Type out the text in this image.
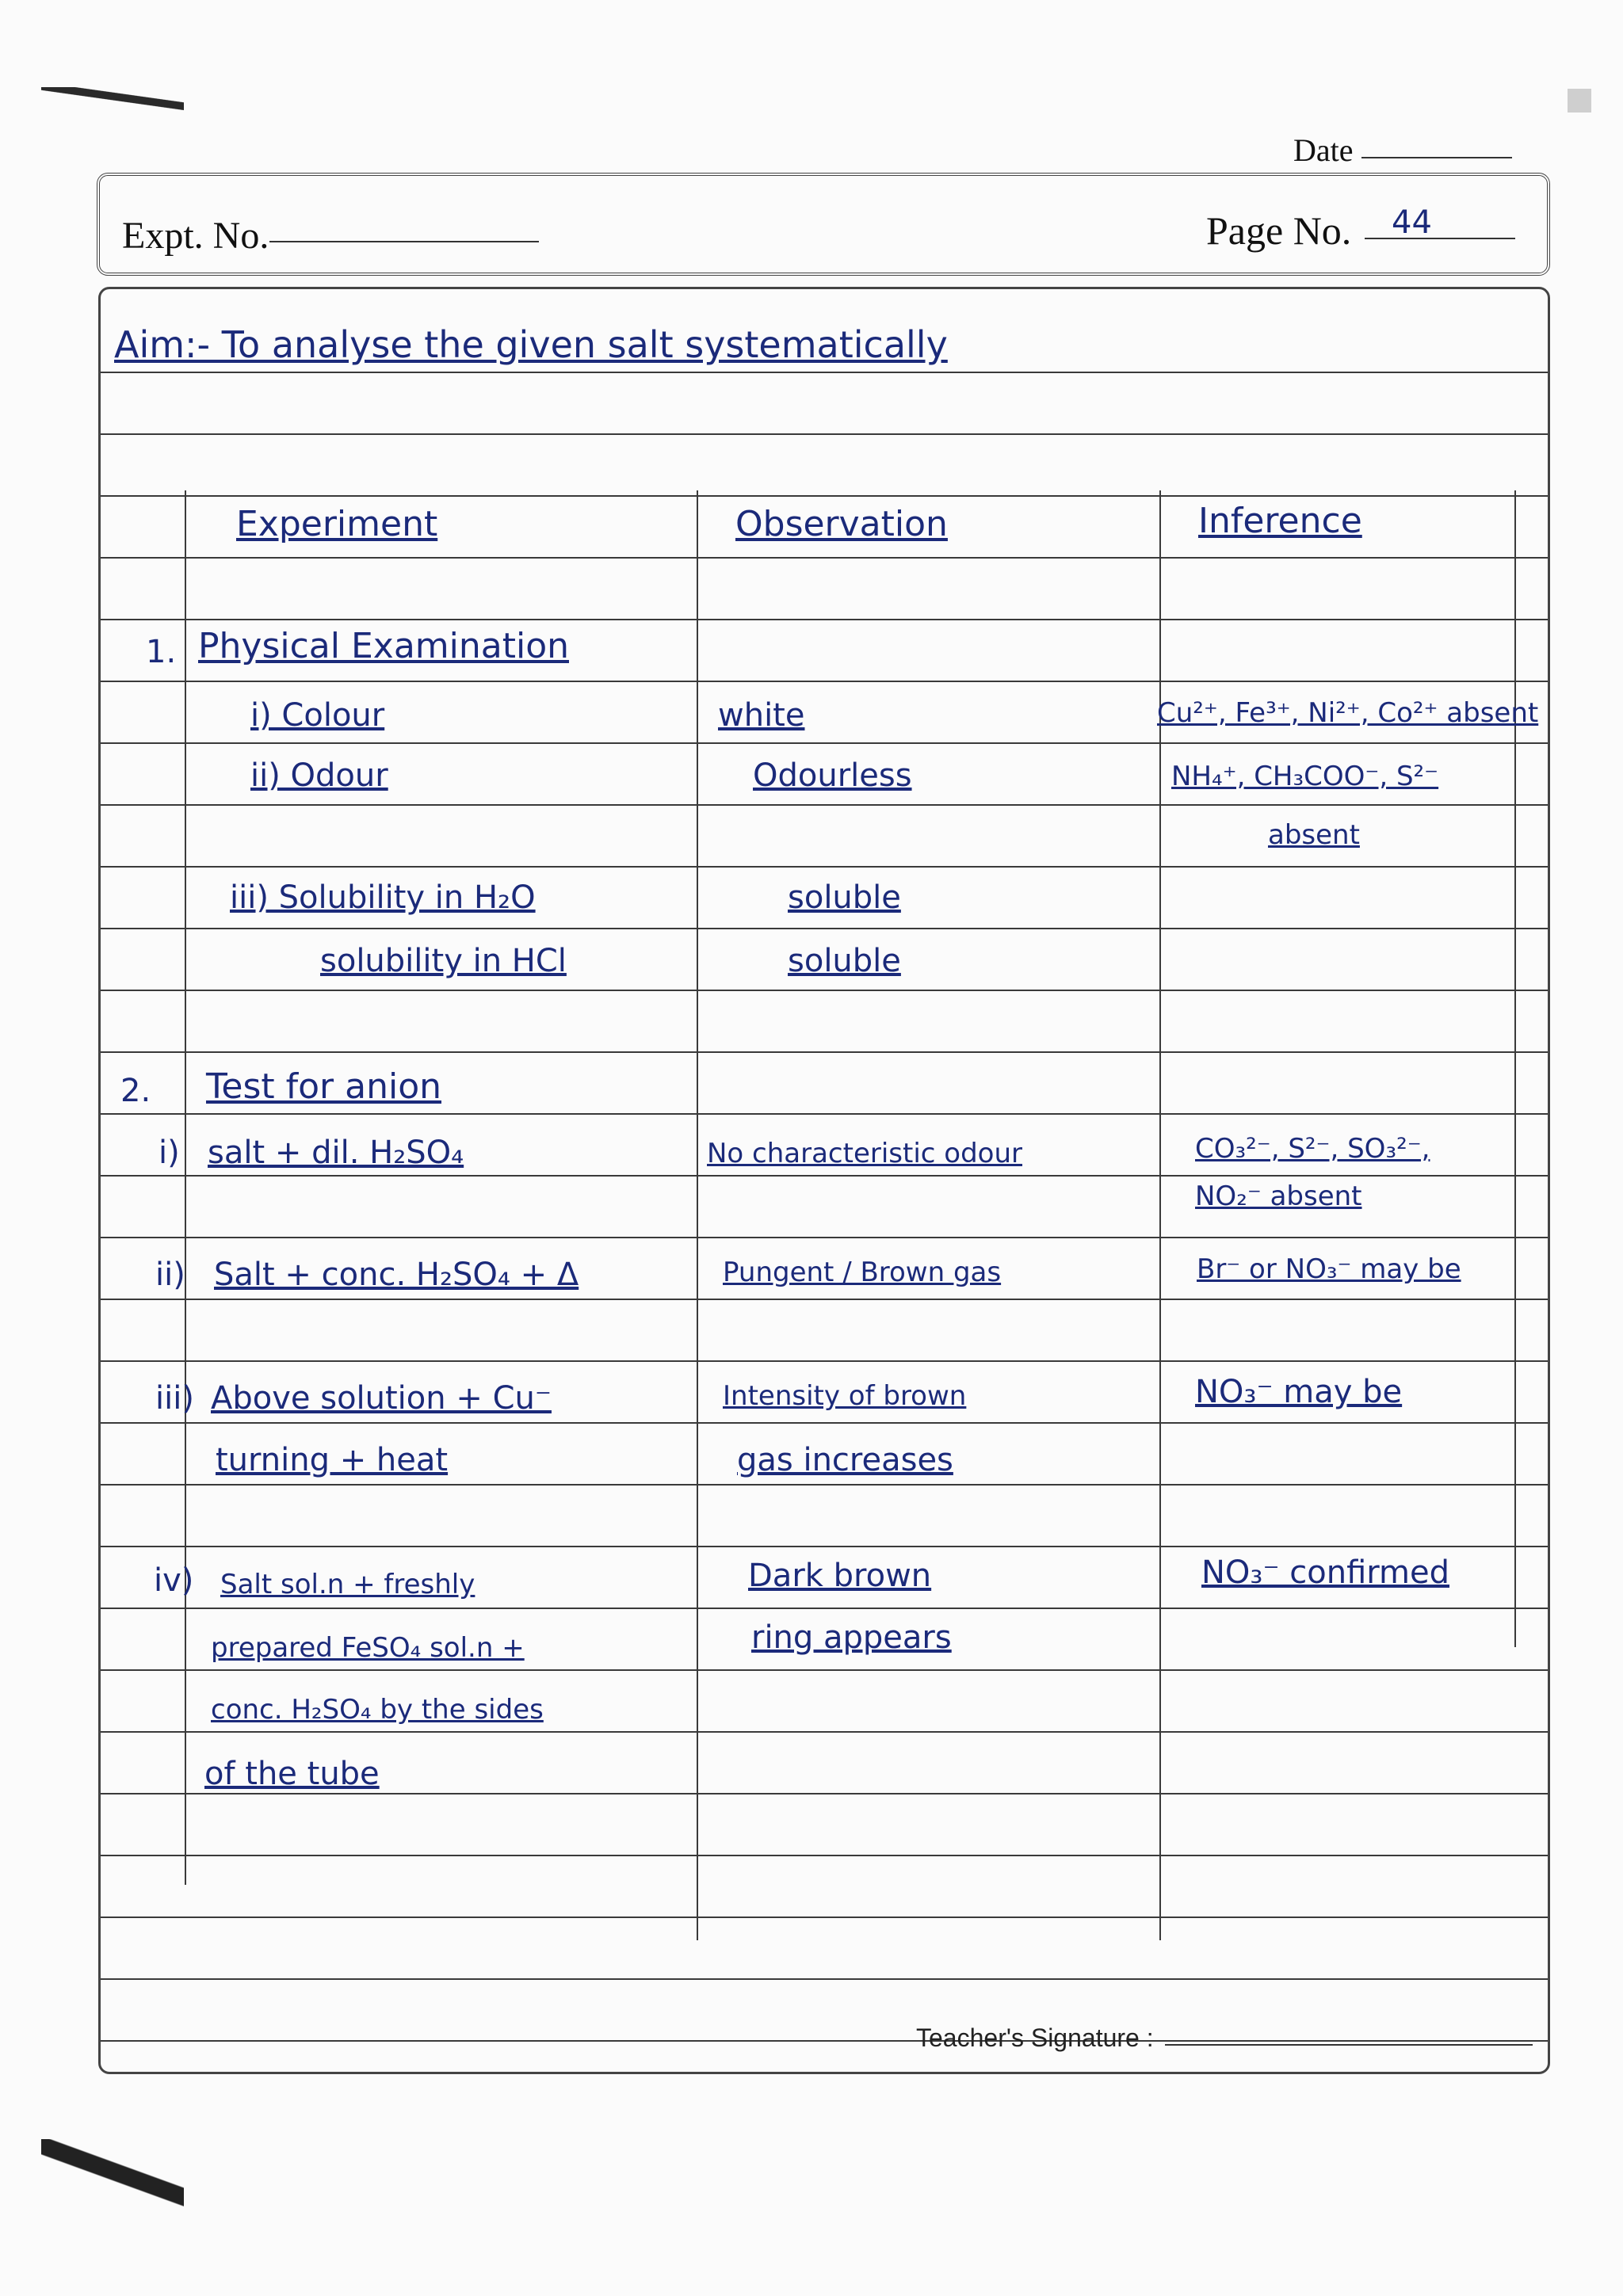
Date
Expt. No.	Page No. 44
Aim:- To analyse the given salt systematically
Experiment	Observation	Inference
1. Physical Examination
i) Colour	white	Cu²⁺, Fe³⁺, Ni²⁺, Co²⁺ absent
ii) Odour	Odourless	NH₄⁺, CH₃COO⁻, S²⁻
absent
iii) Solubility in H₂O	soluble
solubility in HCl	soluble
2. Test for anion
i) salt + dil. H₂SO₄	No characteristic odour	CO₃²⁻, S²⁻, SO₃²⁻,
NO₂⁻ absent
ii) Salt + conc. H₂SO₄ + Δ	Pungent / Brown gas	Br⁻ or NO₃⁻ may be
iii) Above solution + Cu⁻	Intensity of brown	NO₃⁻ may be
turning + heat	gas increases
iv) Salt sol.n + freshly	Dark brown	NO₃⁻ confirmed
prepared FeSO₄ sol.n +	ring appears
conc. H₂SO₄ by the sides
of the tube
Teacher's Signature :
